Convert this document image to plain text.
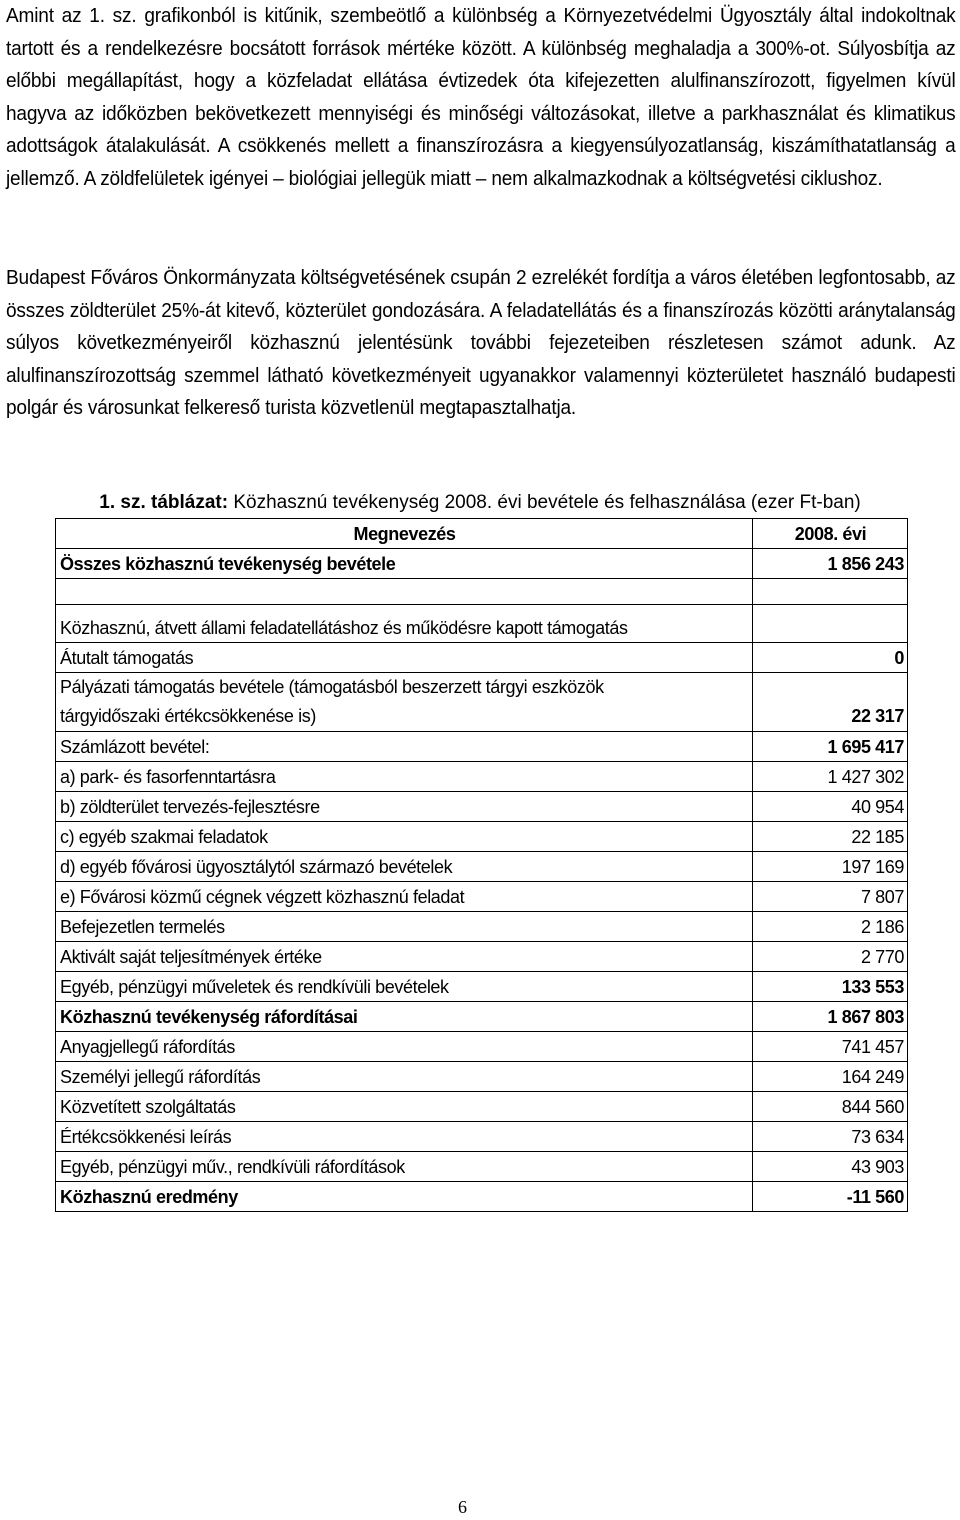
Amint az 1. sz. grafikonból is kitűnik, szembeötlő a különbség a Környezetvédelmi Ügyosztály által indokoltnak tartott és a rendelkezésre bocsátott források mértéke között. A különbség meghaladja a 300%-ot. Súlyosbítja az előbbi megállapítást, hogy a közfeladat ellátása évtizedek óta kifejezetten alulfinanszírozott, figyelmen kívül hagyva az időközben bekövetkezett mennyiségi és minőségi változásokat, illetve a parkhasználat és klimatikus adottságok átalakulását. A csökkenés mellett a finanszírozásra a kiegyensúlyozatlanság, kiszámíthatatlanság a jellemző. A zöldfelületek igényei – biológiai jellegük miatt – nem alkalmazkodnak a költségvetési ciklushoz.

Budapest Főváros Önkormányzata költségvetésének csupán 2 ezrelékét fordítja a város életében legfontosabb, az összes zöldterület 25%-át kitevő, közterület gondozására. A feladatellátás és a finanszírozás közötti aránytalanság súlyos következményeiről közhasznú jelentésünk további fejezeteiben részletesen számot adunk. Az alulfinanszírozottság szemmel látható következményeit ugyanakkor valamennyi közterületet használó budapesti polgár és városunkat felkereső turista közvetlenül megtapasztalhatja.

1. sz. táblázat: Közhasznú tevékenység 2008. évi bevétele és felhasználása (ezer Ft-ban)
Megnevezés	2008. évi
Összes közhasznú tevékenység bevétele	1 856 243

Közhasznú, átvett állami feladatellátáshoz és működésre kapott támogatás	
Átutalt támogatás	0
Pályázati támogatás bevétele (támogatásból beszerzett tárgyi eszközök
tárgyidőszaki értékcsökkenése is)	22 317
Számlázott bevétel:	1 695 417
a) park- és fasorfenntartásra	1 427 302
b) zöldterület tervezés-fejlesztésre	40 954
c) egyéb szakmai feladatok	22 185
d) egyéb fővárosi ügyosztálytól származó bevételek	197 169
e) Fővárosi közmű cégnek végzett közhasznú feladat	7 807
Befejezetlen termelés	2 186
Aktivált saját teljesítmények értéke	2 770
Egyéb, pénzügyi műveletek és rendkívüli bevételek	133 553
Közhasznú tevékenység ráfordításai	1 867 803
Anyagjellegű ráfordítás	741 457
Személyi jellegű ráfordítás	164 249
Közvetített szolgáltatás	844 560
Értékcsökkenési leírás	73 634
Egyéb, pénzügyi műv., rendkívüli ráfordítások	43 903
Közhasznú eredmény	-11 560
6
